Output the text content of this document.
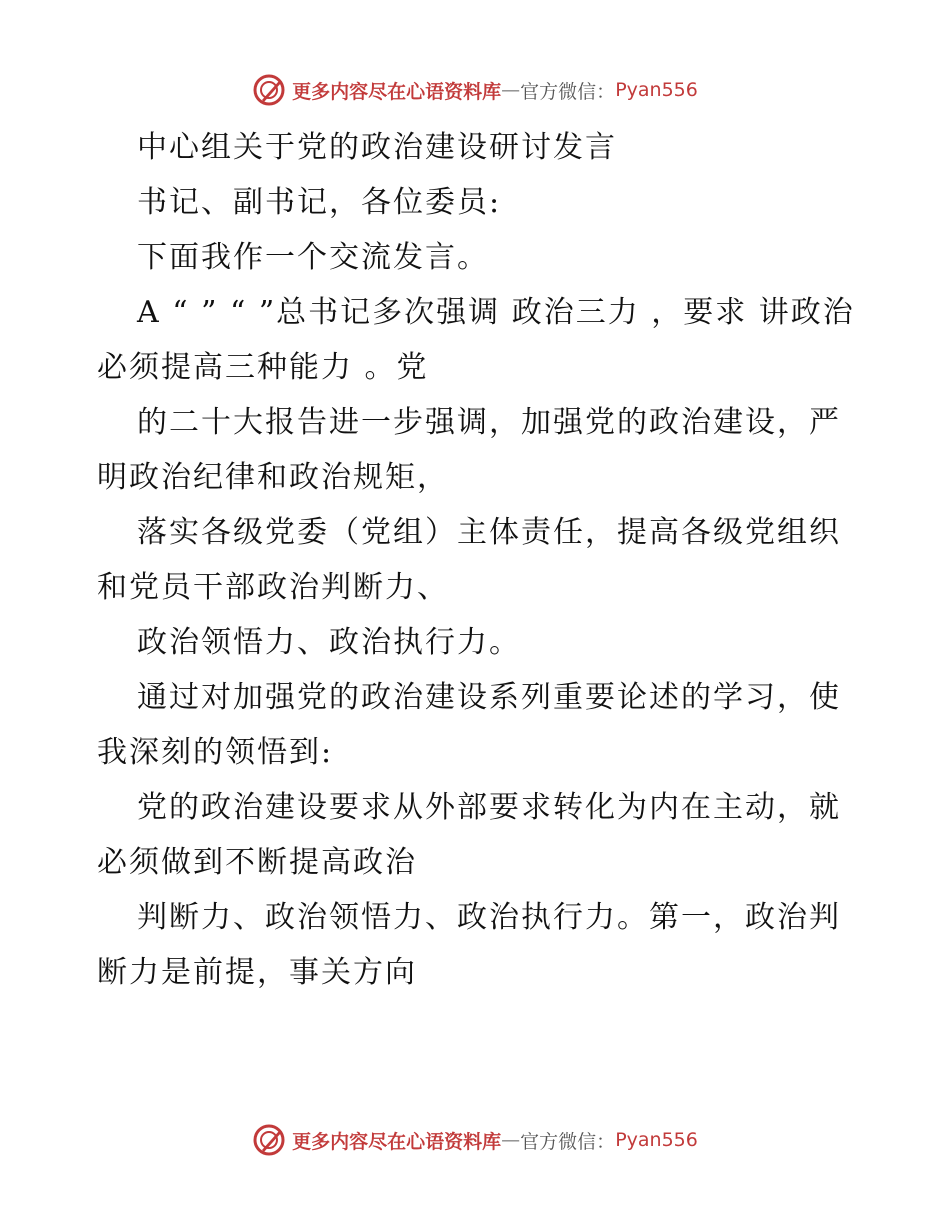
更多内容尽在心语资料库 — 官方微信： Pyan556

中心组关于党的政治建设研讨发言

书记、副书记，各位委员:

下面我作一个交流发言。

A “ ” “ ”总书记多次强调 政治三力 ，要求 讲政治必须提高三种能力 。党

的二十大报告进一步强调，加强党的政治建设，严明政治纪律和政治规矩，

落实各级党委（党组）主体责任，提高各级党组织和党员干部政治判断力、

政治领悟力、政治执行力。

通过对加强党的政治建设系列重要论述的学习，使我深刻的领悟到:

党的政治建设要求从外部要求转化为内在主动，就必须做到不断提高政治

判断力、政治领悟力、政治执行力。第一，政治判断力是前提，事关方向

更多内容尽在心语资料库 — 官方微信： Pyan556
